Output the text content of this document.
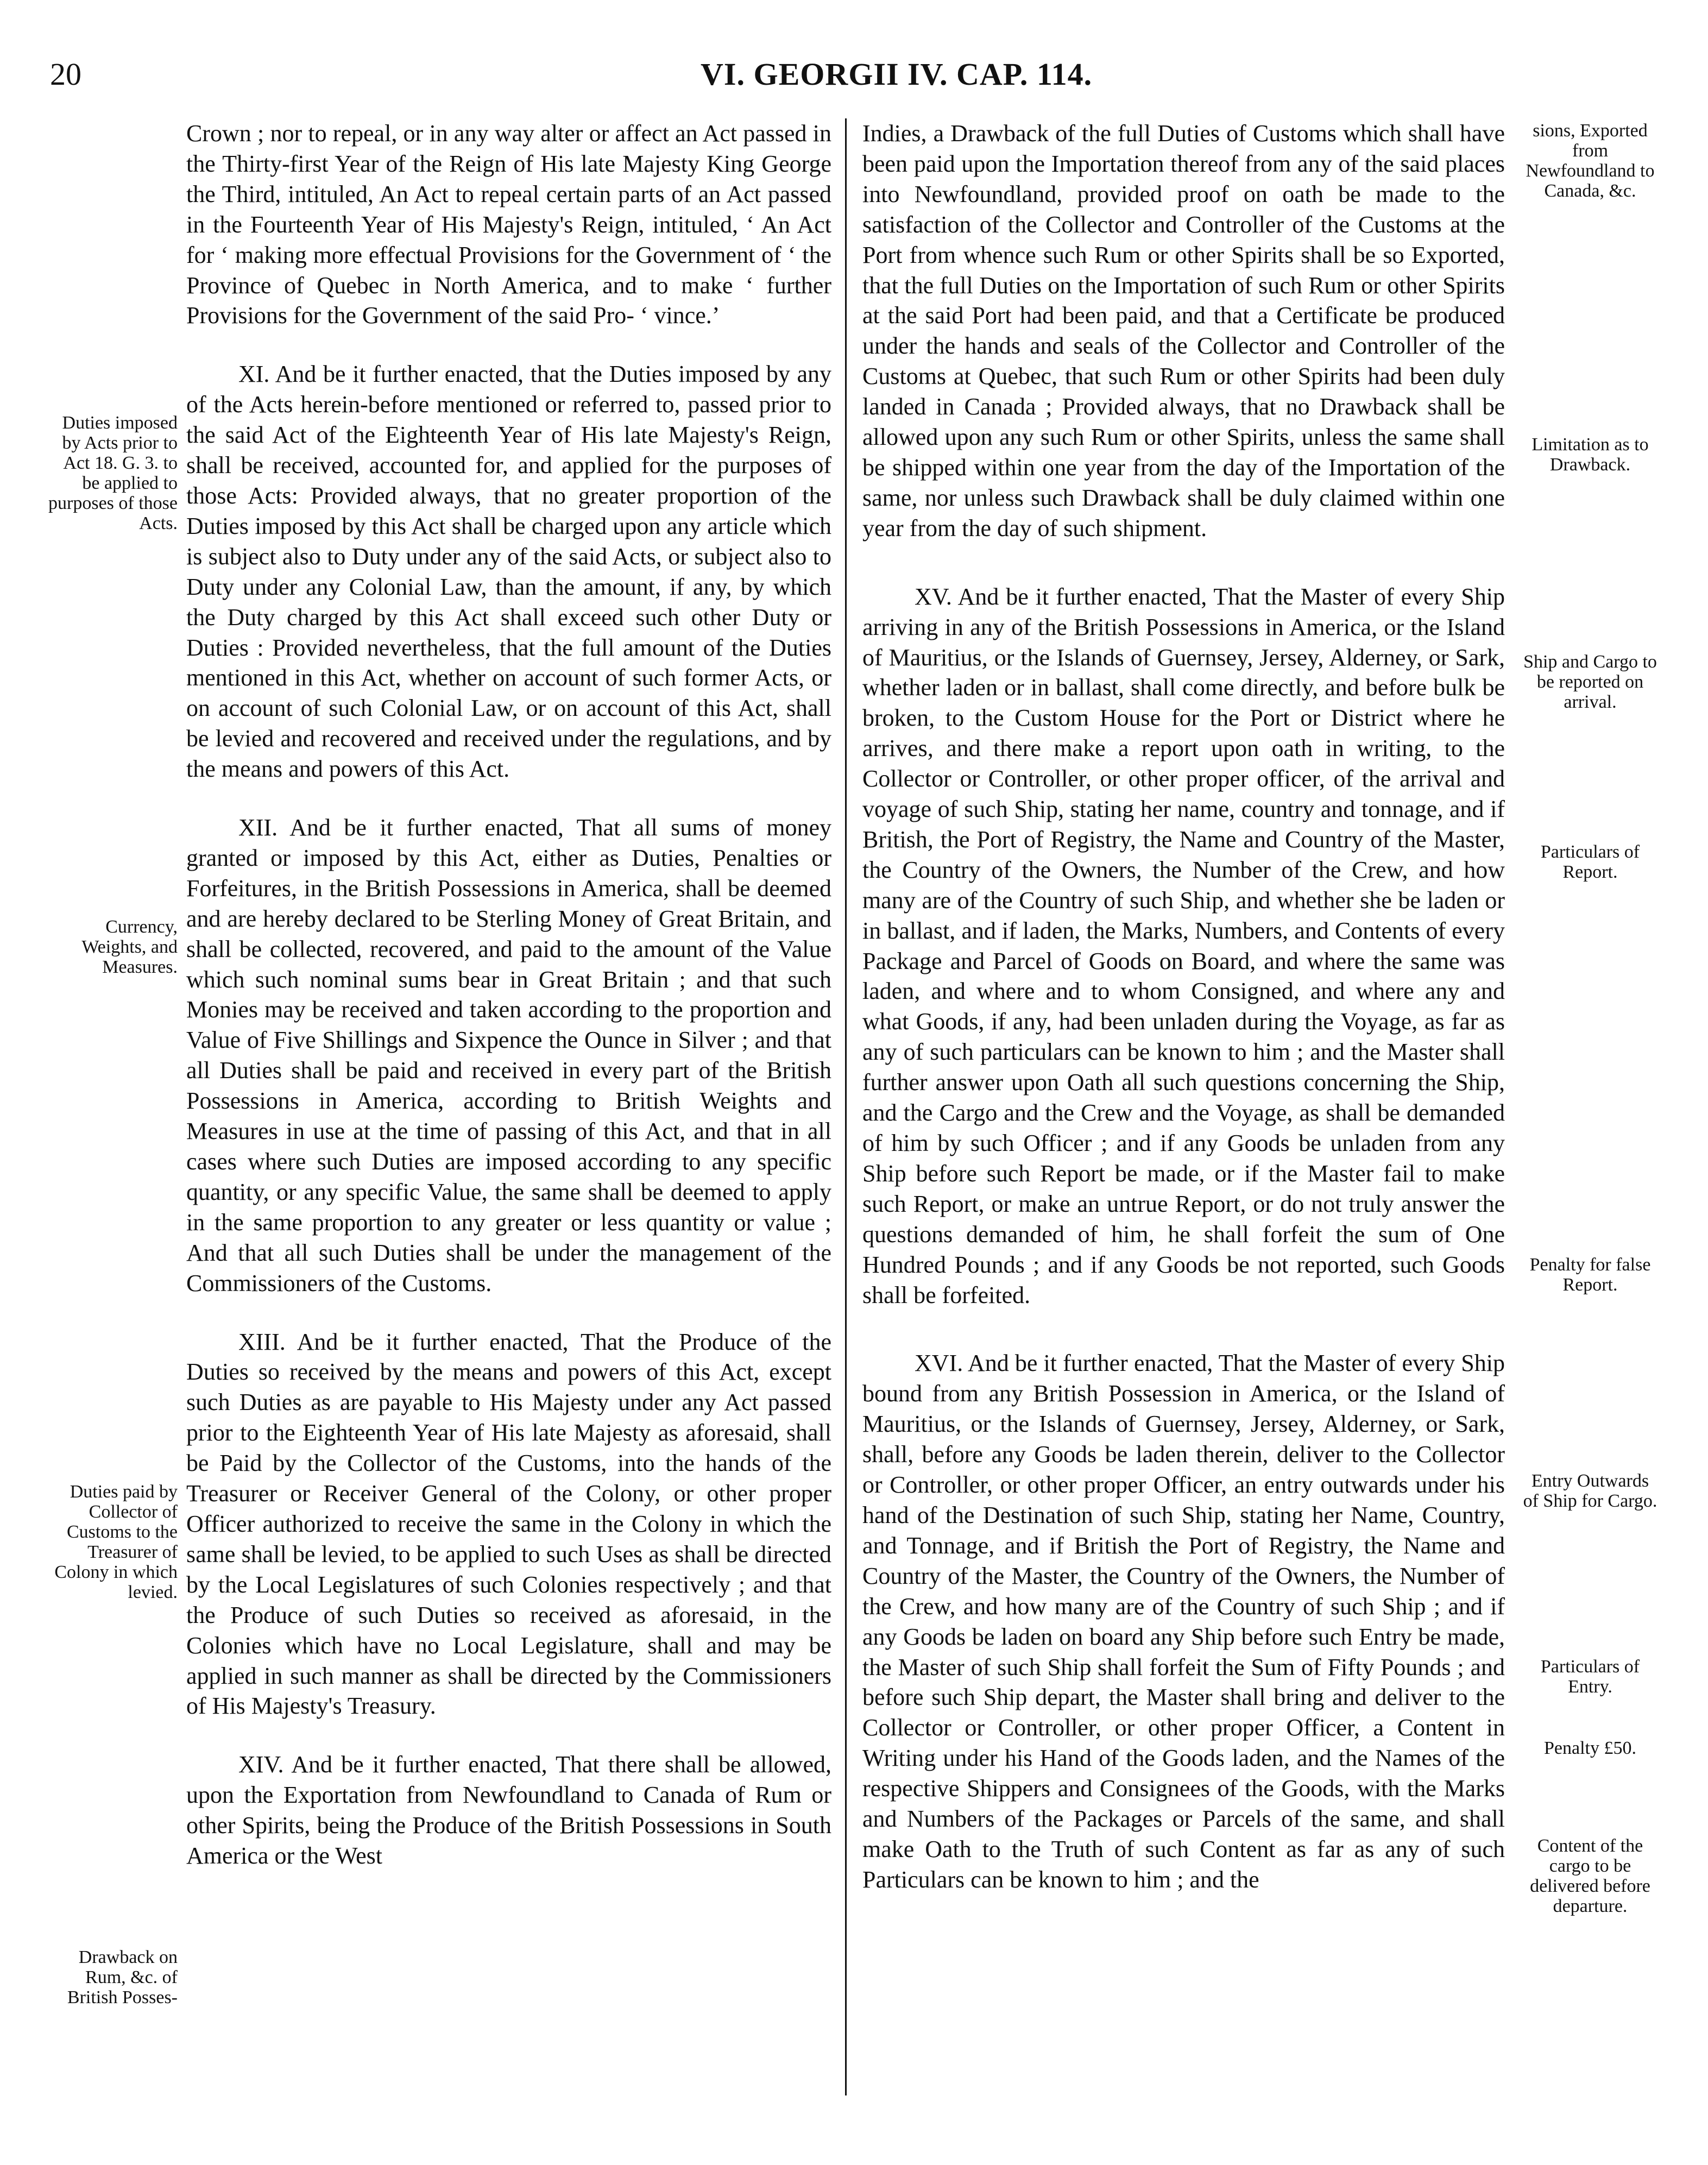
20	VI. GEORGII IV. CAP. 114.

Crown ; nor to repeal, or in any way alter or affect an Act passed in the Thirty-first Year of the Reign of His late Majesty King George the Third, intituled, An Act to repeal certain parts of an Act passed in the Fourteenth Year of His Majesty's Reign, intituled, ‘ An Act for ‘ making more effectual Provisions for the Government of ‘ the Province of Quebec in North America, and to make ‘ further Provisions for the Government of the said Pro- ‘ vince.’

XI. And be it further enacted, that the Duties imposed by any of the Acts herein-before mentioned or referred to, passed prior to the said Act of the Eighteenth Year of His late Majesty's Reign, shall be received, accounted for, and applied for the purposes of those Acts: Provided always, that no greater proportion of the Duties imposed by this Act shall be charged upon any article which is subject also to Duty under any of the said Acts, or subject also to Duty under any Colonial Law, than the amount, if any, by which the Duty charged by this Act shall exceed such other Duty or Duties : Provided nevertheless, that the full amount of the Duties mentioned in this Act, whether on account of such former Acts, or on account of such Colonial Law, or on account of this Act, shall be levied and recovered and received under the regulations, and by the means and powers of this Act.

XII. And be it further enacted, That all sums of money granted or imposed by this Act, either as Duties, Penalties or Forfeitures, in the British Possessions in America, shall be deemed and are hereby declared to be Sterling Money of Great Britain, and shall be collected, recovered, and paid to the amount of the Value which such nominal sums bear in Great Britain ; and that such Monies may be received and taken according to the proportion and Value of Five Shillings and Sixpence the Ounce in Silver ; and that all Duties shall be paid and received in every part of the British Possessions in America, according to British Weights and Measures in use at the time of passing of this Act, and that in all cases where such Duties are imposed according to any specific quantity, or any specific Value, the same shall be deemed to apply in the same proportion to any greater or less quantity or value ; And that all such Duties shall be under the management of the Commissioners of the Customs.

XIII. And be it further enacted, That the Produce of the Duties so received by the means and powers of this Act, except such Duties as are payable to His Majesty under any Act passed prior to the Eighteenth Year of His late Majesty as aforesaid, shall be Paid by the Collector of the Customs, into the hands of the Treasurer or Receiver General of the Colony, or other proper Officer authorized to receive the same in the Colony in which the same shall be levied, to be applied to such Uses as shall be directed by the Local Legislatures of such Colonies respectively ; and that the Produce of such Duties so received as aforesaid, in the Colonies which have no Local Legislature, shall and may be applied in such manner as shall be directed by the Commissioners of His Majesty's Treasury.

XIV. And be it further enacted, That there shall be allowed, upon the Exportation from Newfoundland to Canada of Rum or other Spirits, being the Produce of the British Possessions in South America or the West

Indies, a Drawback of the full Duties of Customs which shall have been paid upon the Importation thereof from any of the said places into Newfoundland, provided proof on oath be made to the satisfaction of the Collector and Controller of the Customs at the Port from whence such Rum or other Spirits shall be so Exported, that the full Duties on the Importation of such Rum or other Spirits at the said Port had been paid, and that a Certificate be produced under the hands and seals of the Collector and Controller of the Customs at Quebec, that such Rum or other Spirits had been duly landed in Canada ; Provided always, that no Drawback shall be allowed upon any such Rum or other Spirits, unless the same shall be shipped within one year from the day of the Importation of the same, nor unless such Drawback shall be duly claimed within one year from the day of such shipment.

XV. And be it further enacted, That the Master of every Ship arriving in any of the British Possessions in America, or the Island of Mauritius, or the Islands of Guernsey, Jersey, Alderney, or Sark, whether laden or in ballast, shall come directly, and before bulk be broken, to the Custom House for the Port or District where he arrives, and there make a report upon oath in writing, to the Collector or Controller, or other proper officer, of the arrival and voyage of such Ship, stating her name, country and tonnage, and if British, the Port of Registry, the Name and Country of the Master, the Country of the Owners, the Number of the Crew, and how many are of the Country of such Ship, and whether she be laden or in ballast, and if laden, the Marks, Numbers, and Contents of every Package and Parcel of Goods on Board, and where the same was laden, and where and to whom Consigned, and where any and what Goods, if any, had been unladen during the Voyage, as far as any of such particulars can be known to him ; and the Master shall further answer upon Oath all such questions concerning the Ship, and the Cargo and the Crew and the Voyage, as shall be demanded of him by such Officer ; and if any Goods be unladen from any Ship before such Report be made, or if the Master fail to make such Report, or make an untrue Report, or do not truly answer the questions demanded of him, he shall forfeit the sum of One Hundred Pounds ; and if any Goods be not reported, such Goods shall be forfeited.

XVI. And be it further enacted, That the Master of every Ship bound from any British Possession in America, or the Island of Mauritius, or the Islands of Guernsey, Jersey, Alderney, or Sark, shall, before any Goods be laden therein, deliver to the Collector or Controller, or other proper Officer, an entry outwards under his hand of the Destination of such Ship, stating her Name, Country, and Tonnage, and if British the Port of Registry, the Name and Country of the Master, the Country of the Owners, the Number of the Crew, and how many are of the Country of such Ship ; and if any Goods be laden on board any Ship before such Entry be made, the Master of such Ship shall forfeit the Sum of Fifty Pounds ; and before such Ship depart, the Master shall bring and deliver to the Collector or Controller, or other proper Officer, a Content in Writing under his Hand of the Goods laden, and the Names of the respective Shippers and Consignees of the Goods, with the Marks and Numbers of the Packages or Parcels of the same, and shall make Oath to the Truth of such Content as far as any of such Particulars can be known to him ; and the

Duties imposed by Acts prior to Act 18. G. 3. to be applied to purposes of those Acts.
Currency, Weights, and Measures.
Duties paid by Collector of Customs to the Treasurer of Colony in which levied.
Drawback on Rum, &c. of British Posses-
sions, Exported from Newfoundland to Canada, &c.
Limitation as to Drawback.
Ship and Cargo to be reported on arrival.
Particulars of Report.
Penalty for false Report.
Entry Outwards of Ship for Cargo.
Particulars of Entry.
Penalty £50.
Content of the cargo to be delivered before departure.
